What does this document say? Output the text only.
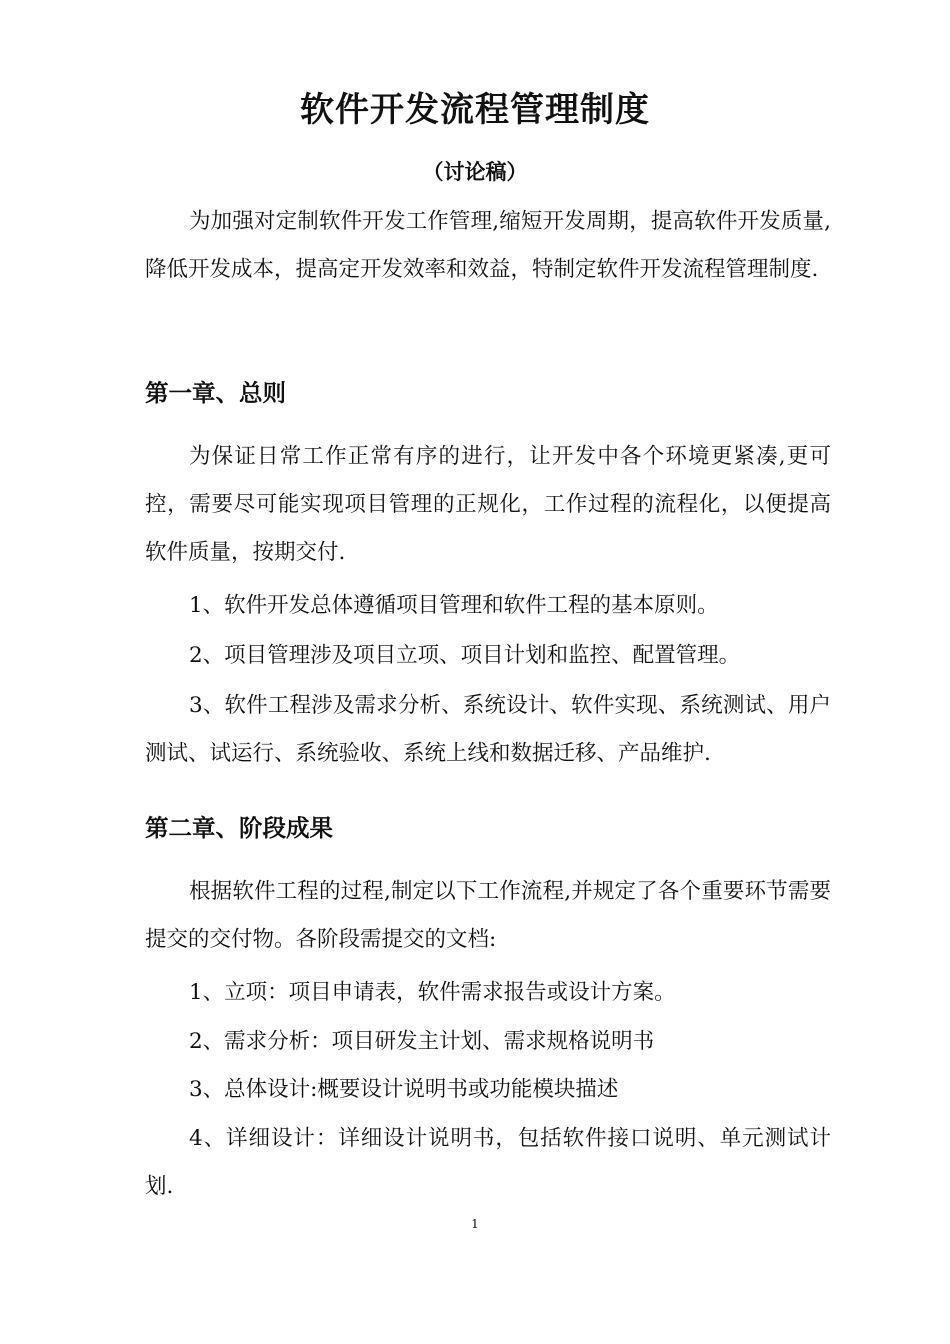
软件开发流程管理制度
（讨论稿）

为加强对定制软件开发工作管理,缩短开发周期，提高软件开发质量,降低开发成本，提高定开发效率和效益，特制定软件开发流程管理制度.

第一章、总则

为保证日常工作正常有序的进行，让开发中各个环境更紧凑,更可控，需要尽可能实现项目管理的正规化，工作过程的流程化，以便提高软件质量，按期交付.

1、软件开发总体遵循项目管理和软件工程的基本原则。

2、项目管理涉及项目立项、项目计划和监控、配置管理。

3、软件工程涉及需求分析、系统设计、软件实现、系统测试、用户测试、试运行、系统验收、系统上线和数据迁移、产品维护.

第二章、阶段成果

根据软件工程的过程,制定以下工作流程,并规定了各个重要环节需要提交的交付物。各阶段需提交的文档:

1、立项：项目申请表，软件需求报告或设计方案。

2、需求分析：项目研发主计划、需求规格说明书

3、总体设计:概要设计说明书或功能模块描述

4、详细设计：详细设计说明书，包括软件接口说明、单元测试计划.

1
